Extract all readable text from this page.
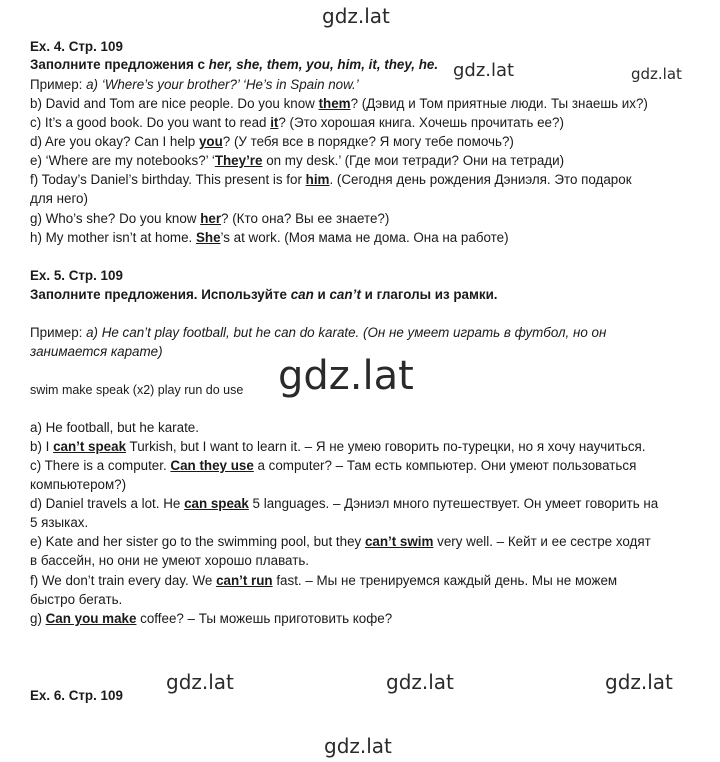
gdz.lat
gdz.lat	gdz.lat
gdz.lat
gdz.lat	gdz.lat	gdz.lat
gdz.lat
Ex. 4. Стр. 109
Заполните предложения с her, she, them, you, him, it, they, he.
Пример: a) ‘Where’s your brother?’ ‘He’s in Spain now.’
b) David and Tom are nice people. Do you know them? (Дэвид и Том приятные люди. Ты знаешь их?)
c) It’s a good book. Do you want to read it? (Это хорошая книга. Хочешь прочитать ее?)
d) Are you okay? Can I help you? (У тебя все в порядке? Я могу тебе помочь?)
e) ‘Where are my notebooks?’ ‘They’re on my desk.’ (Где мои тетради? Они на тетради)
f) Today’s Daniel’s birthday. This present is for him. (Сегодня день рождения Дэниэля. Это подарок
для него)
g) Who’s she? Do you know her? (Кто она? Вы ее знаете?)
h) My mother isn’t at home. She’s at work. (Моя мама не дома. Она на работе)
Ex. 5. Стр. 109
Заполните предложения. Используйте can и can’t и глаголы из рамки.
Пример: a) He can’t play football, but he can do karate. (Он не умеет играть в футбол, но он
занимается карате)
swim make speak (x2) play run do use
a) He football, but he karate.
b) I can’t speak Turkish, but I want to learn it. – Я не умею говорить по-турецки, но я хочу научиться.
c) There is a computer. Can they use a computer? – Там есть компьютер. Они умеют пользоваться
компьютером?)
d) Daniel travels a lot. He can speak 5 languages. – Дэниэл много путешествует. Он умеет говорить на
5 языках.
e) Kate and her sister go to the swimming pool, but they can’t swim very well. – Кейт и ее сестре ходят
в бассейн, но они не умеют хорошо плавать.
f) We don’t train every day. We can’t run fast. – Мы не тренируемся каждый день. Мы не можем
быстро бегать.
g) Can you make coffee? – Ты можешь приготовить кофе?
Ex. 6. Стр. 109
